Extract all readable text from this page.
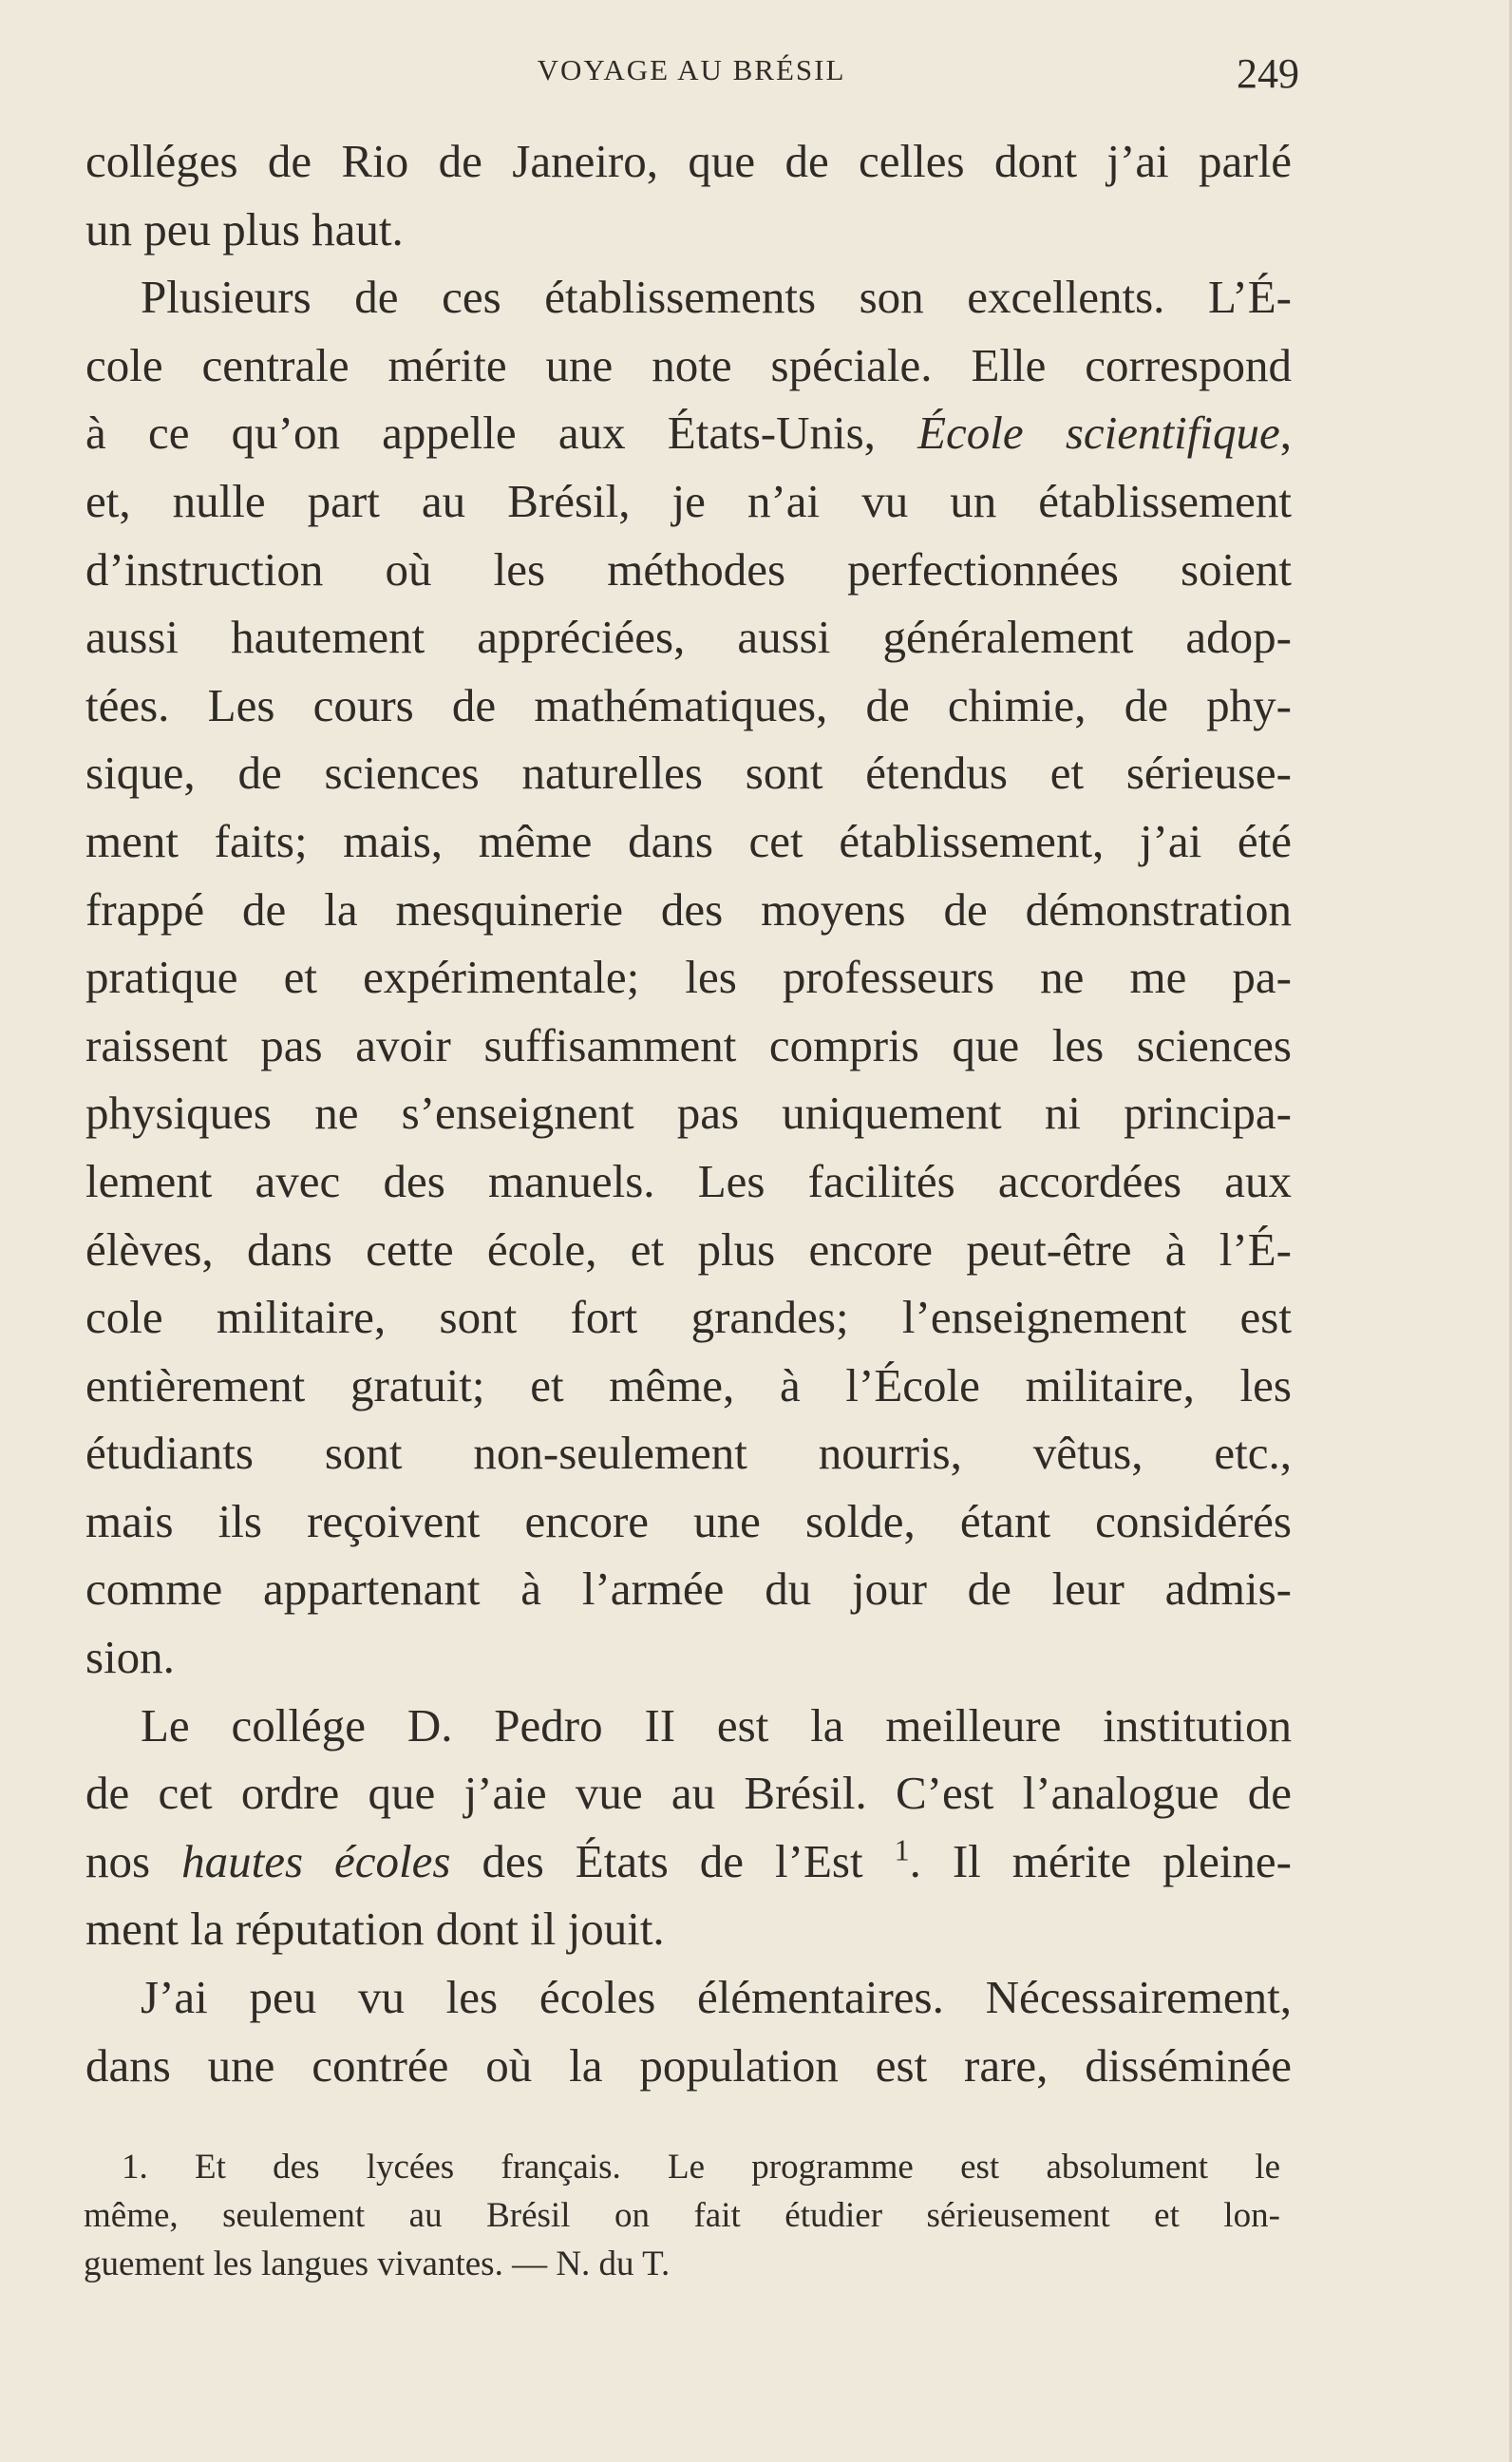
VOYAGE AU BRÉSIL	249
colléges de Rio de Janeiro, que de celles dont j’ai parlé
un peu plus haut.
Plusieurs de ces établissements son excellents. L’É-
cole centrale mérite une note spéciale. Elle correspond
à ce qu’on appelle aux États-Unis, École scientifique,
et, nulle part au Brésil, je n’ai vu un établissement
d’instruction où les méthodes perfectionnées soient
aussi hautement appréciées, aussi généralement adop-
tées. Les cours de mathématiques, de chimie, de phy-
sique, de sciences naturelles sont étendus et sérieuse-
ment faits; mais, même dans cet établissement, j’ai été
frappé de la mesquinerie des moyens de démonstration
pratique et expérimentale; les professeurs ne me pa-
raissent pas avoir suffisamment compris que les sciences
physiques ne s’enseignent pas uniquement ni principa-
lement avec des manuels. Les facilités accordées aux
élèves, dans cette école, et plus encore peut-être à l’É-
cole militaire, sont fort grandes; l’enseignement est
entièrement gratuit; et même, à l’École militaire, les
étudiants sont non-seulement nourris, vêtus, etc.,
mais ils reçoivent encore une solde, étant considérés
comme appartenant à l’armée du jour de leur admis-
sion.
Le collége D. Pedro II est la meilleure institution
de cet ordre que j’aie vue au Brésil. C’est l’analogue de
nos hautes écoles des États de l’Est $^1$. Il mérite pleine-
ment la réputation dont il jouit.
J’ai peu vu les écoles élémentaires. Nécessairement,
dans une contrée où la population est rare, disséminée
1. Et des lycées français. Le programme est absolument le
même, seulement au Brésil on fait étudier sérieusement et lon-
guement les langues vivantes. — N. du T.
